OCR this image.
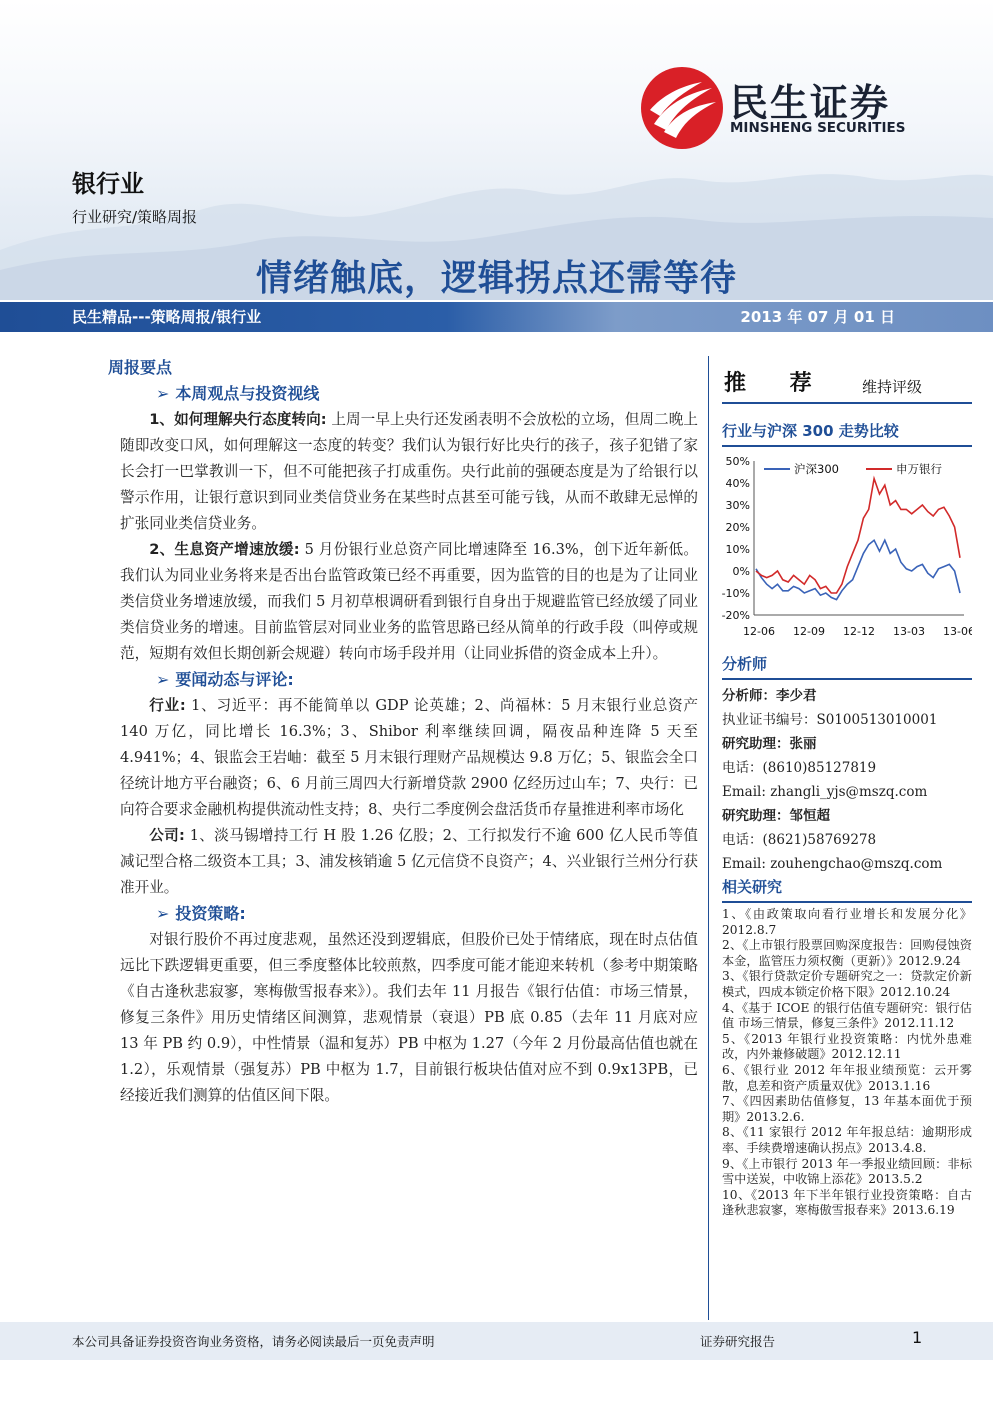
民生证券
MINSHENG SECURITIES
银行业
行业研究/策略周报
情绪触底，逻辑拐点还需等待
民生精品---策略周报/银行业	2013 年 07 月 01 日
周报要点
➢ 本周观点与投资视线

1、如何理解央行态度转向: 上周一早上央行还发函表明不会放松的立场，但周二晚上随即改变口风，如何理解这一态度的转变？我们认为银行好比央行的孩子，孩子犯错了家长会打一巴掌教训一下，但不可能把孩子打成重伤。央行此前的强硬态度是为了给银行以警示作用，让银行意识到同业类信贷业务在某些时点甚至可能亏钱，从而不敢肆无忌惮的扩张同业类信贷业务。

2、生息资产增速放缓: 5 月份银行业总资产同比增速降至 16.3%，创下近年新低。我们认为同业业务将来是否出台监管政策已经不再重要，因为监管的目的也是为了让同业类信贷业务增速放缓，而我们 5 月初草根调研看到银行自身出于规避监管已经放缓了同业类信贷业务的增速。目前监管层对同业业务的监管思路已经从简单的行政手段（叫停或规范，短期有效但长期创新会规避）转向市场手段并用（让同业拆借的资金成本上升）。

➢ 要闻动态与评论:

行业: 1、习近平：再不能简单以 GDP 论英雄；2、尚福林：5 月末银行业总资产 140 万亿，同比增长 16.3%；3、Shibor 利率继续回调，隔夜品种连降 5 天至 4.941%；4、银监会王岩岫：截至 5 月末银行理财产品规模达 9.8 万亿；5、银监会全口径统计地方平台融资；6、6 月前三周四大行新增贷款 2900 亿经历过山车；7、央行：已向符合要求金融机构提供流动性支持；8、央行二季度例会盘活货币存量推进利率市场化

公司: 1、淡马锡增持工行 H 股 1.26 亿股；2、工行拟发行不逾 600 亿人民币等值减记型合格二级资本工具；3、浦发核销逾 5 亿元信贷不良资产；4、兴业银行兰州分行获准开业。

➢ 投资策略:

对银行股价不再过度悲观，虽然还没到逻辑底，但股价已处于情绪底，现在时点估值远比下跌逻辑更重要，但三季度整体比较煎熬，四季度可能才能迎来转机（参考中期策略《自古逢秋悲寂寥，寒梅傲雪报春来》）。我们去年 11 月报告《银行估值：市场三情景，修复三条件》用历史情绪区间测算，悲观情景（衰退）PB 底 0.85（去年 11 月底对应 13 年 PB 约 0.9），中性情景（温和复苏）PB 中枢为 1.27（今年 2 月份最高估值也就在 1.2），乐观情景（强复苏）PB 中枢为 1.7，目前银行板块估值对应不到 0.9x13PB，已经接近我们测算的估值区间下限。

推 荐 维持评级
行业与沪深 300 走势比较
50%
40%
30%
20%
10%
0%
-10%
-20%
12-06 12-09 12-12 13-03 13-06
沪深300	申万银行
分析师

分析师：李少君

执业证书编号：S0100513010001

研究助理：张丽

电话：(8610)85127819

Email: zhangli_yjs@mszq.com

研究助理：邹恒超

电话：(8621)58769278

Email: zouhengchao@mszq.com

相关研究

1、《由政策取向看行业增长和发展分化》2012.8.7

2、《上市银行股票回购深度报告：回购侵蚀资本金，监管压力须权衡（更新）》2012.9.24

3、《银行贷款定价专题研究之一：贷款定价新模式，四成本锁定价格下限》2012.10.24

4、《基于 ICOE 的银行估值专题研究：银行估值 市场三情景，修复三条件》2012.11.12

5、《2013 年银行业投资策略：内忧外患难改，内外兼修破题》2012.12.11

6、《银行业 2012 年年报业绩预览：云开雾散，息差和资产质量双优》2013.1.16

7、《四因素助估值修复，13 年基本面优于预期》2013.2.6.

8、《11 家银行 2012 年年报总结：逾期形成率、手续费增速确认拐点》2013.4.8.

9、《上市银行 2013 年一季报业绩回顾：非标雪中送炭，中收锦上添花》2013.5.2

10、《2013 年下半年银行业投资策略：自古逢秋悲寂寥，寒梅傲雪报春来》2013.6.19

本公司具备证券投资咨询业务资格，请务必阅读最后一页免责声明	证券研究报告	1
